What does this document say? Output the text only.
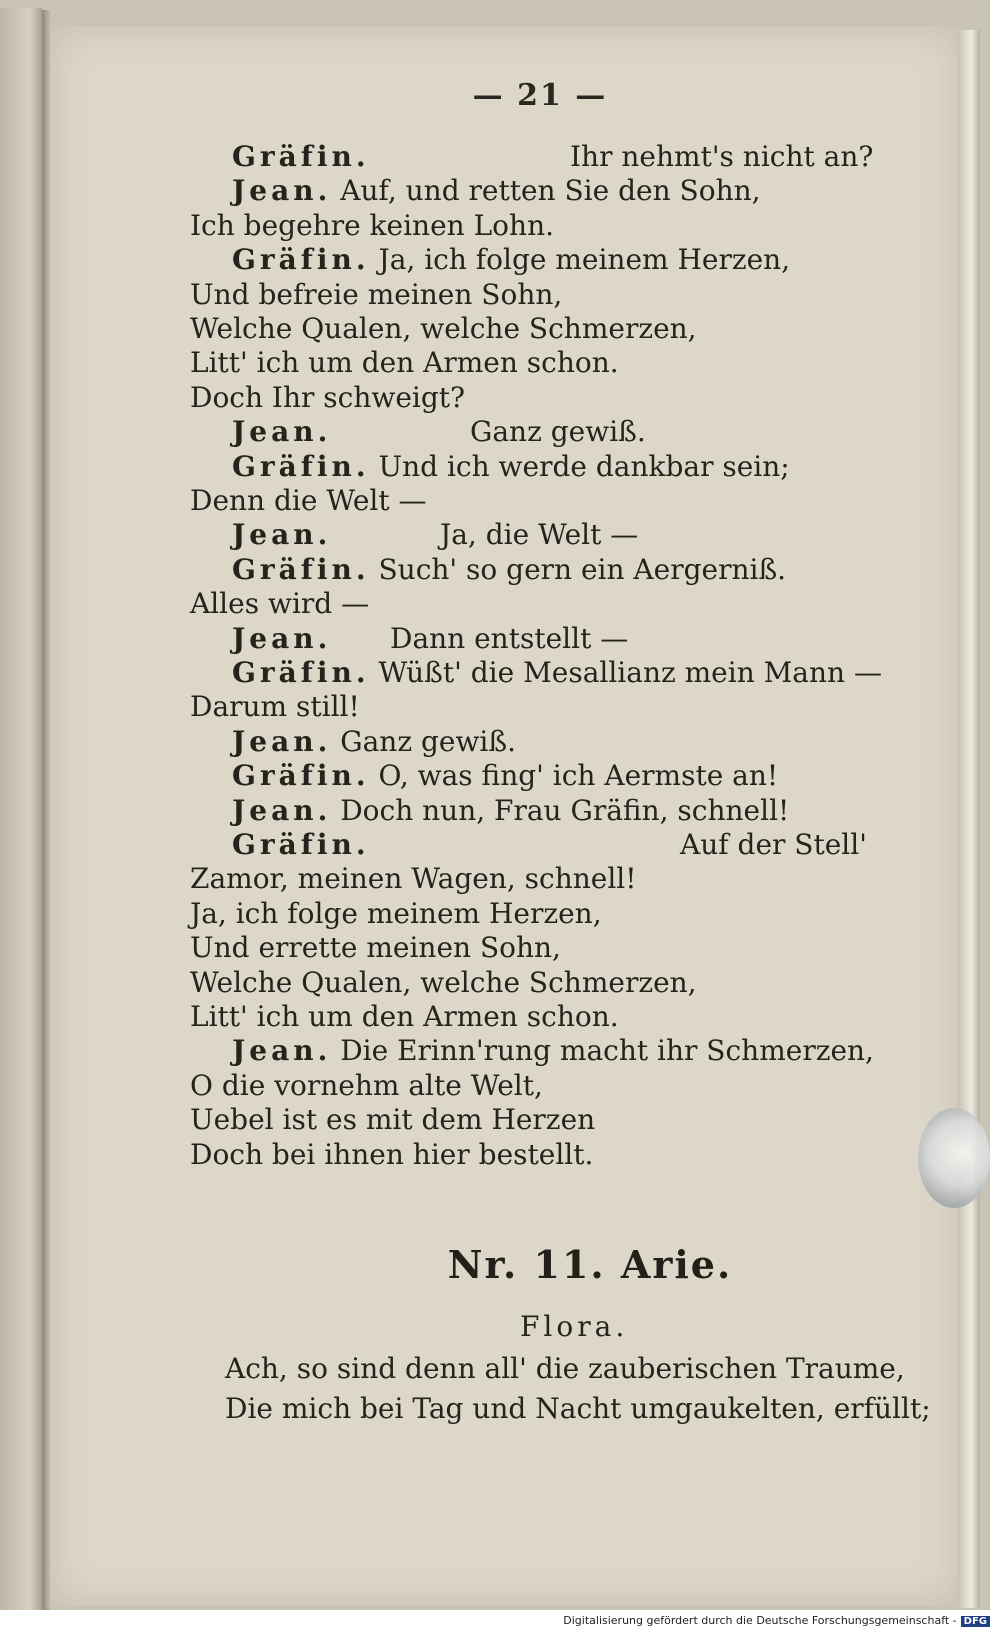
— 21 —
Gräfin.	Ihr nehmt's nicht an?
Jean. Auf, und retten Sie den Sohn,
Ich begehre keinen Lohn.
Gräfin. Ja, ich folge meinem Herzen,
Und befreie meinen Sohn,
Welche Qualen, welche Schmerzen,
Litt' ich um den Armen schon.
Doch Ihr schweigt?
Jean.	Ganz gewiß.
Gräfin. Und ich werde dankbar sein;
Denn die Welt —
Jean.	Ja, die Welt —
Gräfin. Such' so gern ein Aergerniß.
Alles wird —
Jean. Dann entstellt —
Gräfin. Wüßt' die Mesallianz mein Mann —
Darum still!
Jean. Ganz gewiß.
Gräfin. O, was fing' ich Aermste an!
Jean. Doch nun, Frau Gräfin, schnell!
Gräfin.	Auf der Stell'
Zamor, meinen Wagen, schnell!
Ja, ich folge meinem Herzen,
Und errette meinen Sohn,
Welche Qualen, welche Schmerzen,
Litt' ich um den Armen schon.
Jean. Die Erinn'rung macht ihr Schmerzen,
O die vornehm alte Welt,
Uebel ist es mit dem Herzen
Doch bei ihnen hier bestellt.
Nr. 11. Arie.
Flora.
Ach, so sind denn all' die zauberischen Traume,
Die mich bei Tag und Nacht umgaukelten, erfüllt;
Digitalisierung gefördert durch die Deutsche Forschungsgemeinschaft - DFG
